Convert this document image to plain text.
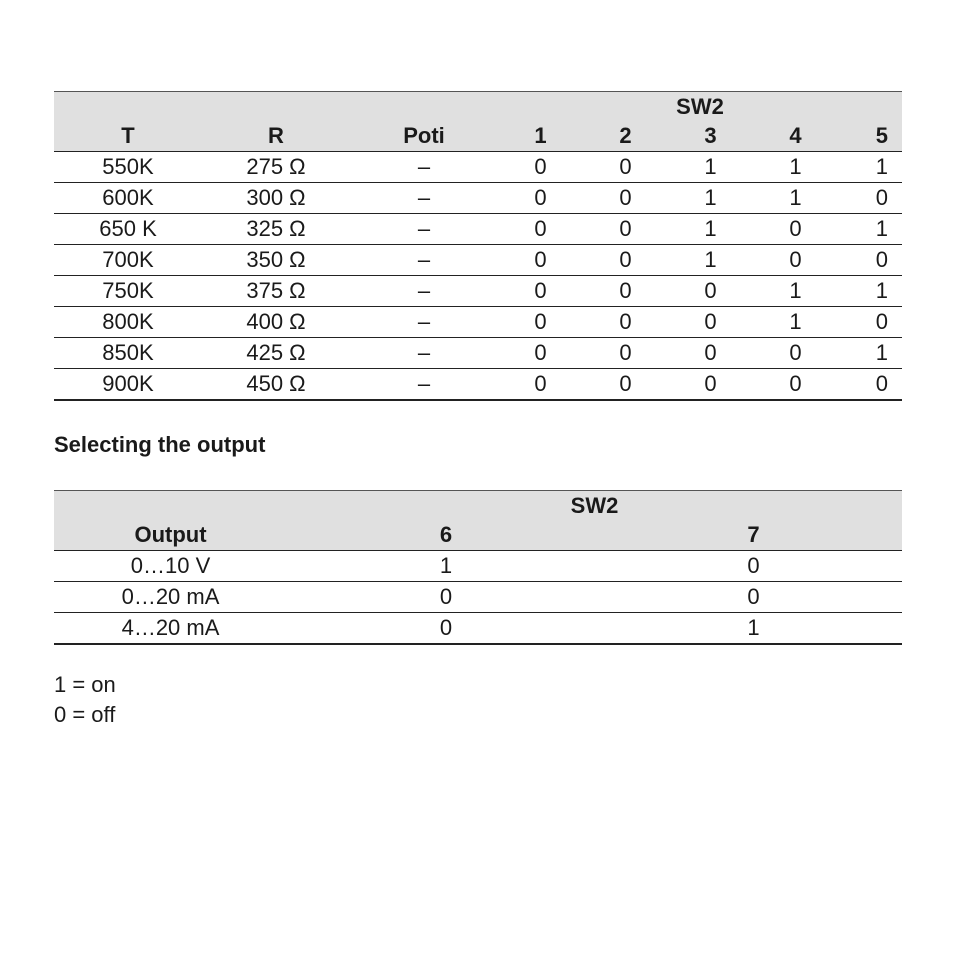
			SW2				
T	R	Poti	1	2	3	4	5
550K	275 Ω	–	0	0	1	1	1
600K	300 Ω	–	0	0	1	1	0
650 K	325 Ω	–	0	0	1	0	1
700K	350 Ω	–	0	0	1	0	0
750K	375 Ω	–	0	0	0	1	1
800K	400 Ω	–	0	0	0	1	0
850K	425 Ω	–	0	0	0	0	1
900K	450 Ω	–	0	0	0	0	0
Selecting the output
	SW2	
Output	6	7
0…10 V	1	0
0…20 mA	0	0
4…20 mA	0	1
1 = on
0 = off
